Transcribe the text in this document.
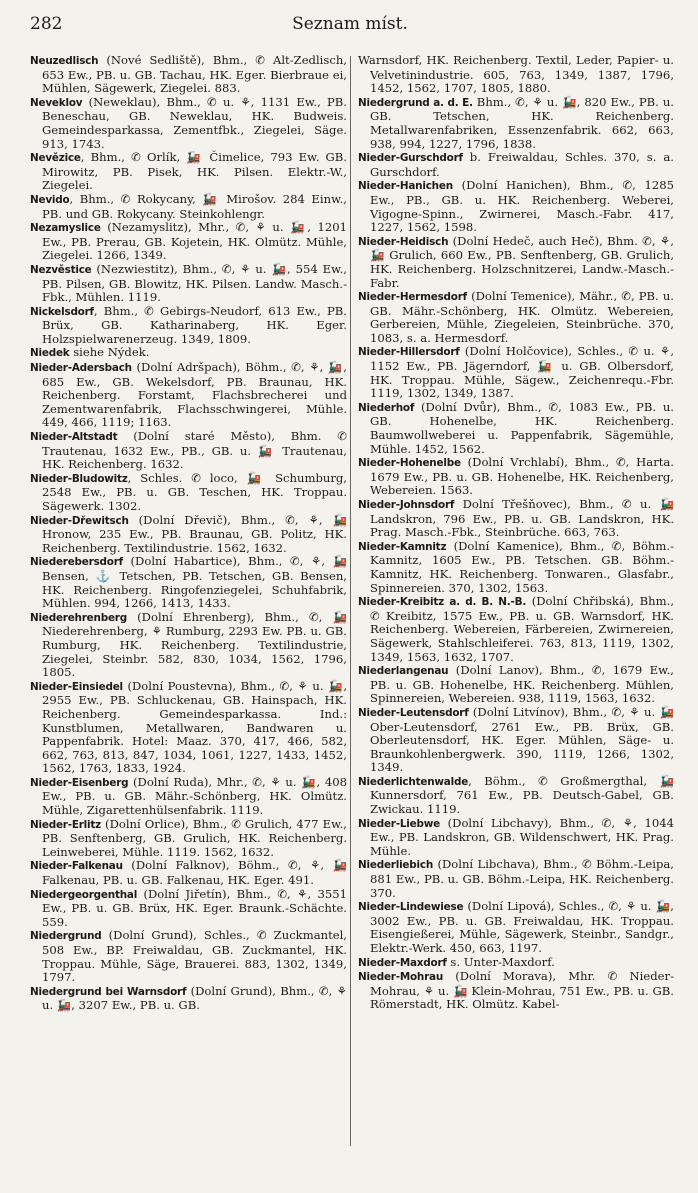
282	Seznam míst.
Neuzedlisch (Nové Sedliště), Bhm., ✆ Alt-Zedlisch, 653 Ew., PB. u. GB. Tachau, HK. Eger. Bierbraue ei, Mühlen, Sägewerk, Ziegelei. 883.
Neveklov (Neweklau), Bhm., ✆ u. ⚘, 1131 Ew., PB. Beneschau, GB. Neweklau, HK. Budweis. Gemeindesparkassa, Zementfbk., Ziegelei, Säge. 913, 1743.
Nevězice, Bhm., ✆ Orlík, 🚂 Čimelice, 793 Ew. GB. Mirowitz, PB. Pisek, HK. Pilsen. Elektr.-W., Ziegelei.
Nevido, Bhm., ✆ Rokycany, 🚂 Mirošov. 284 Einw., PB. und GB. Rokycany. Steinkohlengr.
Nezamyslice (Nezamyslitz), Mhr., ✆, ⚘ u. 🚂, 1201 Ew., PB. Prerau, GB. Kojetein, HK. Olmütz. Mühle, Ziegelei. 1266, 1349.
Nezvěstice (Nezwiestitz), Bhm., ✆, ⚘ u. 🚂, 554 Ew., PB. Pilsen, GB. Blowitz, HK. Pilsen. Landw. Masch.-Fbk., Mühlen. 1119.
Nickelsdorf, Bhm., ✆ Gebirgs-Neudorf, 613 Ew., PB. Brüx, GB. Katharinaberg, HK. Eger. Holzspielwarenerzeug. 1349, 1809.
Niedek siehe Nýdek.
Nieder-Adersbach (Dolní Adršpach), Böhm., ✆, ⚘, 🚂, 685 Ew., GB. Wekelsdorf, PB. Braunau, HK. Reichenberg. Forstamt, Flachsbrecherei und Zementwarenfabrik, Flachsschwingerei, Mühle. 449, 466, 1119; 1163.
Nieder-Altstadt (Dolní staré Město), Bhm. ✆ Trautenau, 1632 Ew., PB., GB. u. 🚂 Trautenau, HK. Reichenberg. 1632.
Nieder-Bludowitz, Schles. ✆ loco, 🚂 Schumburg, 2548 Ew., PB. u. GB. Teschen, HK. Troppau. Sägewerk. 1302.
Nieder-Dřewitsch (Dolní Dřevič), Bhm., ✆, ⚘, 🚂 Hronow, 235 Ew., PB. Braunau, GB. Politz, HK. Reichenberg. Textilindustrie. 1562, 1632.
Niederebersdorf (Dolní Habartice), Bhm., ✆, ⚘, 🚂 Bensen, ⚓ Tetschen, PB. Tetschen, GB. Bensen, HK. Reichenberg. Ringofenziegelei, Schuhfabrik, Mühlen. 994, 1266, 1413, 1433.
Niederehrenberg (Dolní Ehrenberg), Bhm., ✆, 🚂 Niederehrenberg, ⚘ Rumburg, 2293 Ew. PB. u. GB. Rumburg, HK. Reichenberg. Textilindustrie, Ziegelei, Steinbr. 582, 830, 1034, 1562, 1796, 1805.
Nieder-Einsiedel (Dolní Poustevna), Bhm., ✆, ⚘ u. 🚂, 2955 Ew., PB. Schluckenau, GB. Hainspach, HK. Reichenberg. Gemeindesparkassa. Ind.: Kunstblumen, Metallwaren, Bandwaren u. Pappenfabrik. Hotel: Maaz. 370, 417, 466, 582, 662, 763, 813, 847, 1034, 1061, 1227, 1433, 1452, 1562, 1763, 1833, 1924.
Nieder-Eisenberg (Dolní Ruda), Mhr., ✆, ⚘ u. 🚂, 408 Ew., PB. u. GB. Mähr.-Schönberg, HK. Olmütz. Mühle, Zigarettenhülsenfabrik. 1119.
Nieder-Erlitz (Dolní Orlice), Bhm., ✆ Grulich, 477 Ew., PB. Senftenberg, GB. Grulich, HK. Reichenberg. Leinweberei, Mühle. 1119. 1562, 1632.
Nieder-Falkenau (Dolní Falknov), Böhm., ✆, ⚘, 🚂 Falkenau, PB. u. GB. Falkenau, HK. Eger. 491.
Niedergeorgenthal (Dolní Jiřetín), Bhm., ✆, ⚘, 3551 Ew., PB. u. GB. Brüx, HK. Eger. Braunk.-Schächte. 559.
Niedergrund (Dolní Grund), Schles., ✆ Zuckmantel, 508 Ew., BP. Freiwaldau, GB. Zuckmantel, HK. Troppau. Mühle, Säge, Brauerei. 883, 1302, 1349, 1797.
Niedergrund bei Warnsdorf (Dolní Grund), Bhm., ✆, ⚘ u. 🚂, 3207 Ew., PB. u. GB.
Warnsdorf, HK. Reichenberg. Textil, Leder, Papier- u. Velvetinindustrie. 605, 763, 1349, 1387, 1796, 1452, 1562, 1707, 1805, 1880.
Niedergrund a. d. E. Bhm., ✆, ⚘ u. 🚂, 820 Ew., PB. u. GB. Tetschen, HK. Reichenberg. Metallwarenfabriken, Essenzenfabrik. 662, 663, 938, 994, 1227, 1796, 1838.
Nieder-Gurschdorf b. Freiwaldau, Schles. 370, s. a. Gurschdorf.
Nieder-Hanichen (Dolní Hanichen), Bhm., ✆, 1285 Ew., PB., GB. u. HK. Reichenberg. Weberei, Vigogne-Spinn., Zwirnerei, Masch.-Fabr. 417, 1227, 1562, 1598.
Nieder-Heidisch (Dolní Hedeč, auch Heč), Bhm. ✆, ⚘, 🚂 Grulich, 660 Ew., PB. Senftenberg, GB. Grulich, HK. Reichenberg. Holzschnitzerei, Landw.-Masch.-Fabr.
Nieder-Hermesdorf (Dolní Temenice), Mähr., ✆, PB. u. GB. Mähr.-Schönberg, HK. Olmütz. Webereien, Gerbereien, Mühle, Ziegeleien, Steinbrüche. 370, 1083, s. a. Hermesdorf.
Nieder-Hillersdorf (Dolní Holčovice), Schles., ✆ u. ⚘, 1152 Ew., PB. Jägerndorf, 🚂 u. GB. Olbersdorf, HK. Troppau. Mühle, Sägew., Zeichenrequ.-Fbr. 1119, 1302, 1349, 1387.
Niederhof (Dolní Dvůr), Bhm., ✆, 1083 Ew., PB. u. GB. Hohenelbe, HK. Reichenberg. Baumwollweberei u. Pappenfabrik, Sägemühle, Mühle. 1452, 1562.
Nieder-Hohenelbe (Dolní Vrchlabí), Bhm., ✆, Harta. 1679 Ew., PB. u. GB. Hohenelbe, HK. Reichenberg, Webereien. 1563.
Nieder-Johnsdorf Dolní Třešňovec), Bhm., ✆ u. 🚂 Landskron, 796 Ew., PB. u. GB. Landskron, HK. Prag. Masch.-Fbk., Steinbrüche. 663, 763.
Nieder-Kamnitz (Dolní Kamenice), Bhm., ✆, Böhm.-Kamnitz, 1605 Ew., PB. Tetschen. GB. Böhm.-Kamnitz, HK. Reichenberg. Tonwaren., Glasfabr., Spinnereien. 370, 1302, 1563.
Nieder-Kreibitz a. d. B. N.-B. (Dolní Chřibská), Bhm., ✆ Kreibitz, 1575 Ew., PB. u. GB. Warnsdorf, HK. Reichenberg. Webereien, Färbereien, Zwirnereien, Sägewerk, Stahlschleiferei. 763, 813, 1119, 1302, 1349, 1563, 1632, 1707.
Niederlangenau (Dolní Lanov), Bhm., ✆, 1679 Ew., PB. u. GB. Hohenelbe, HK. Reichenberg. Mühlen, Spinnereien, Webereien. 938, 1119, 1563, 1632.
Nieder-Leutensdorf (Dolní Litvínov), Bhm., ✆, ⚘ u. 🚂 Ober-Leutensdorf, 2761 Ew., PB. Brüx, GB. Oberleutensdorf, HK. Eger. Mühlen, Säge- u. Braunkohlenbergwerk. 390, 1119, 1266, 1302, 1349.
Niederlichtenwalde, Böhm., ✆ Großmergthal, 🚂 Kunnersdorf, 761 Ew., PB. Deutsch-Gabel, GB. Zwickau. 1119.
Nieder-Liebwe (Dolní Libchavy), Bhm., ✆, ⚘, 1044 Ew., PB. Landskron, GB. Wildenschwert, HK. Prag. Mühle.
Niederliebich (Dolní Libchava), Bhm., ✆ Böhm.-Leipa, 881 Ew., PB. u. GB. Böhm.-Leipa, HK. Reichenberg. 370.
Nieder-Lindewiese (Dolní Lipová), Schles., ✆, ⚘ u. 🚂, 3002 Ew., PB. u. GB. Freiwaldau, HK. Troppau. Eisengießerei, Mühle, Sägewerk, Steinbr., Sandgr., Elektr.-Werk. 450, 663, 1197.
Nieder-Maxdorf s. Unter-Maxdorf.
Nieder-Mohrau (Dolní Morava), Mhr. ✆ Nieder-Mohrau, ⚘ u. 🚂 Klein-Mohrau, 751 Ew., PB. u. GB. Römerstadt, HK. Olmütz. Kabel-
